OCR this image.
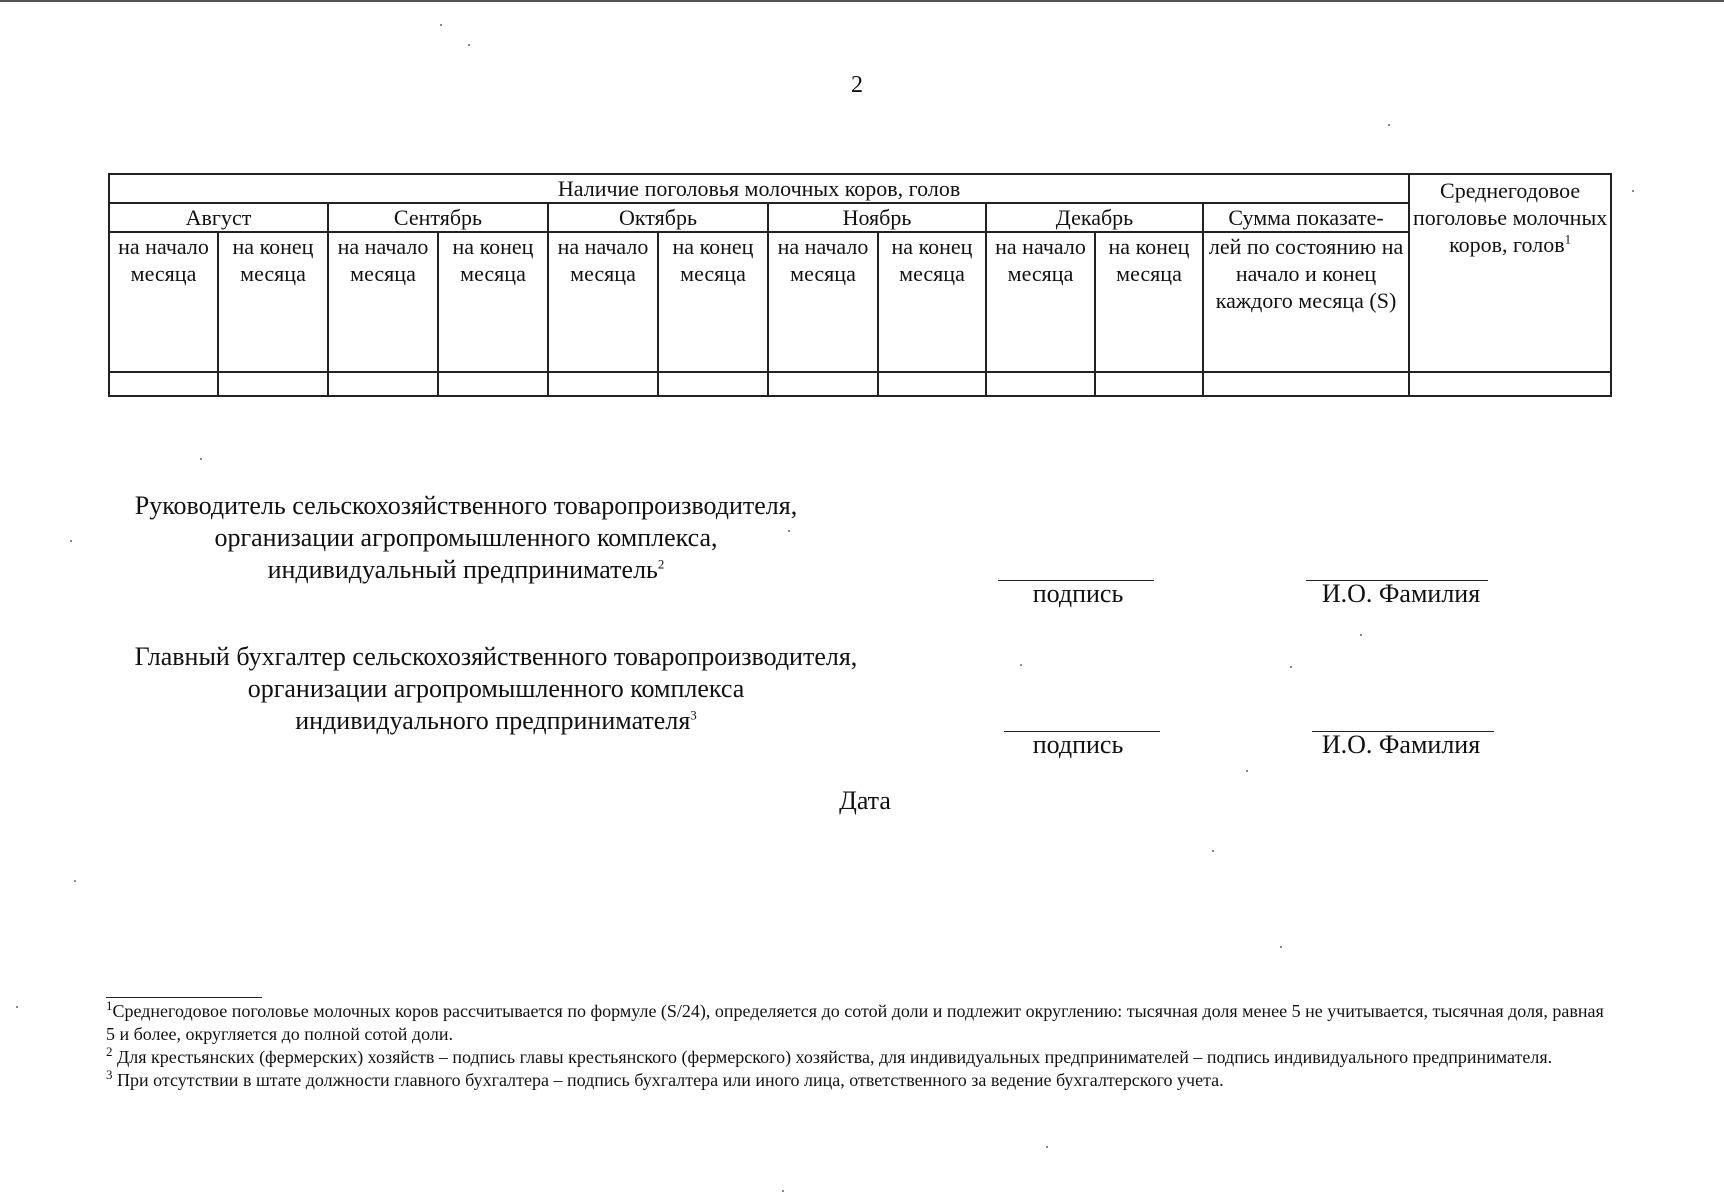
2
Наличие поголовья молочных коров, голов											Среднегодовое поголовье молочных коров, голов$^1$
Август		Сентябрь		Октябрь		Ноябрь		Декабрь		Сумма показате-	
на начало месяца	на конец месяца	на начало месяца	на конец месяца	на начало месяца	на конец месяца	на начало месяца	на конец месяца	на начало месяца	на конец месяца	лей по состоянию на начало и конец каждого месяца (S)	

Руководитель сельскохозяйственного товаропроизводителя,
организации агропромышленного комплекса,
индивидуальный предприниматель$^2$
подпись	И.О. Фамилия
Главный бухгалтер сельскохозяйственного товаропроизводителя,
организации агропромышленного комплекса
индивидуального предпринимателя$^3$
подпись	И.О. Фамилия
Дата

$^1$Среднегодовое поголовье молочных коров рассчитывается по формуле (S/24), определяется до сотой доли и подлежит округлению: тысячная доля менее 5 не учитывается, тысячная доля, равная 5 и более, округляется до полной сотой доли.

$^2$ Для крестьянских (фермерских) хозяйств – подпись главы крестьянского (фермерского) хозяйства, для индивидуальных предпринимателей – подпись индивидуального предпринимателя.

$^3$ При отсутствии в штате должности главного бухгалтера – подпись бухгалтера или иного лица, ответственного за ведение бухгалтерского учета.
